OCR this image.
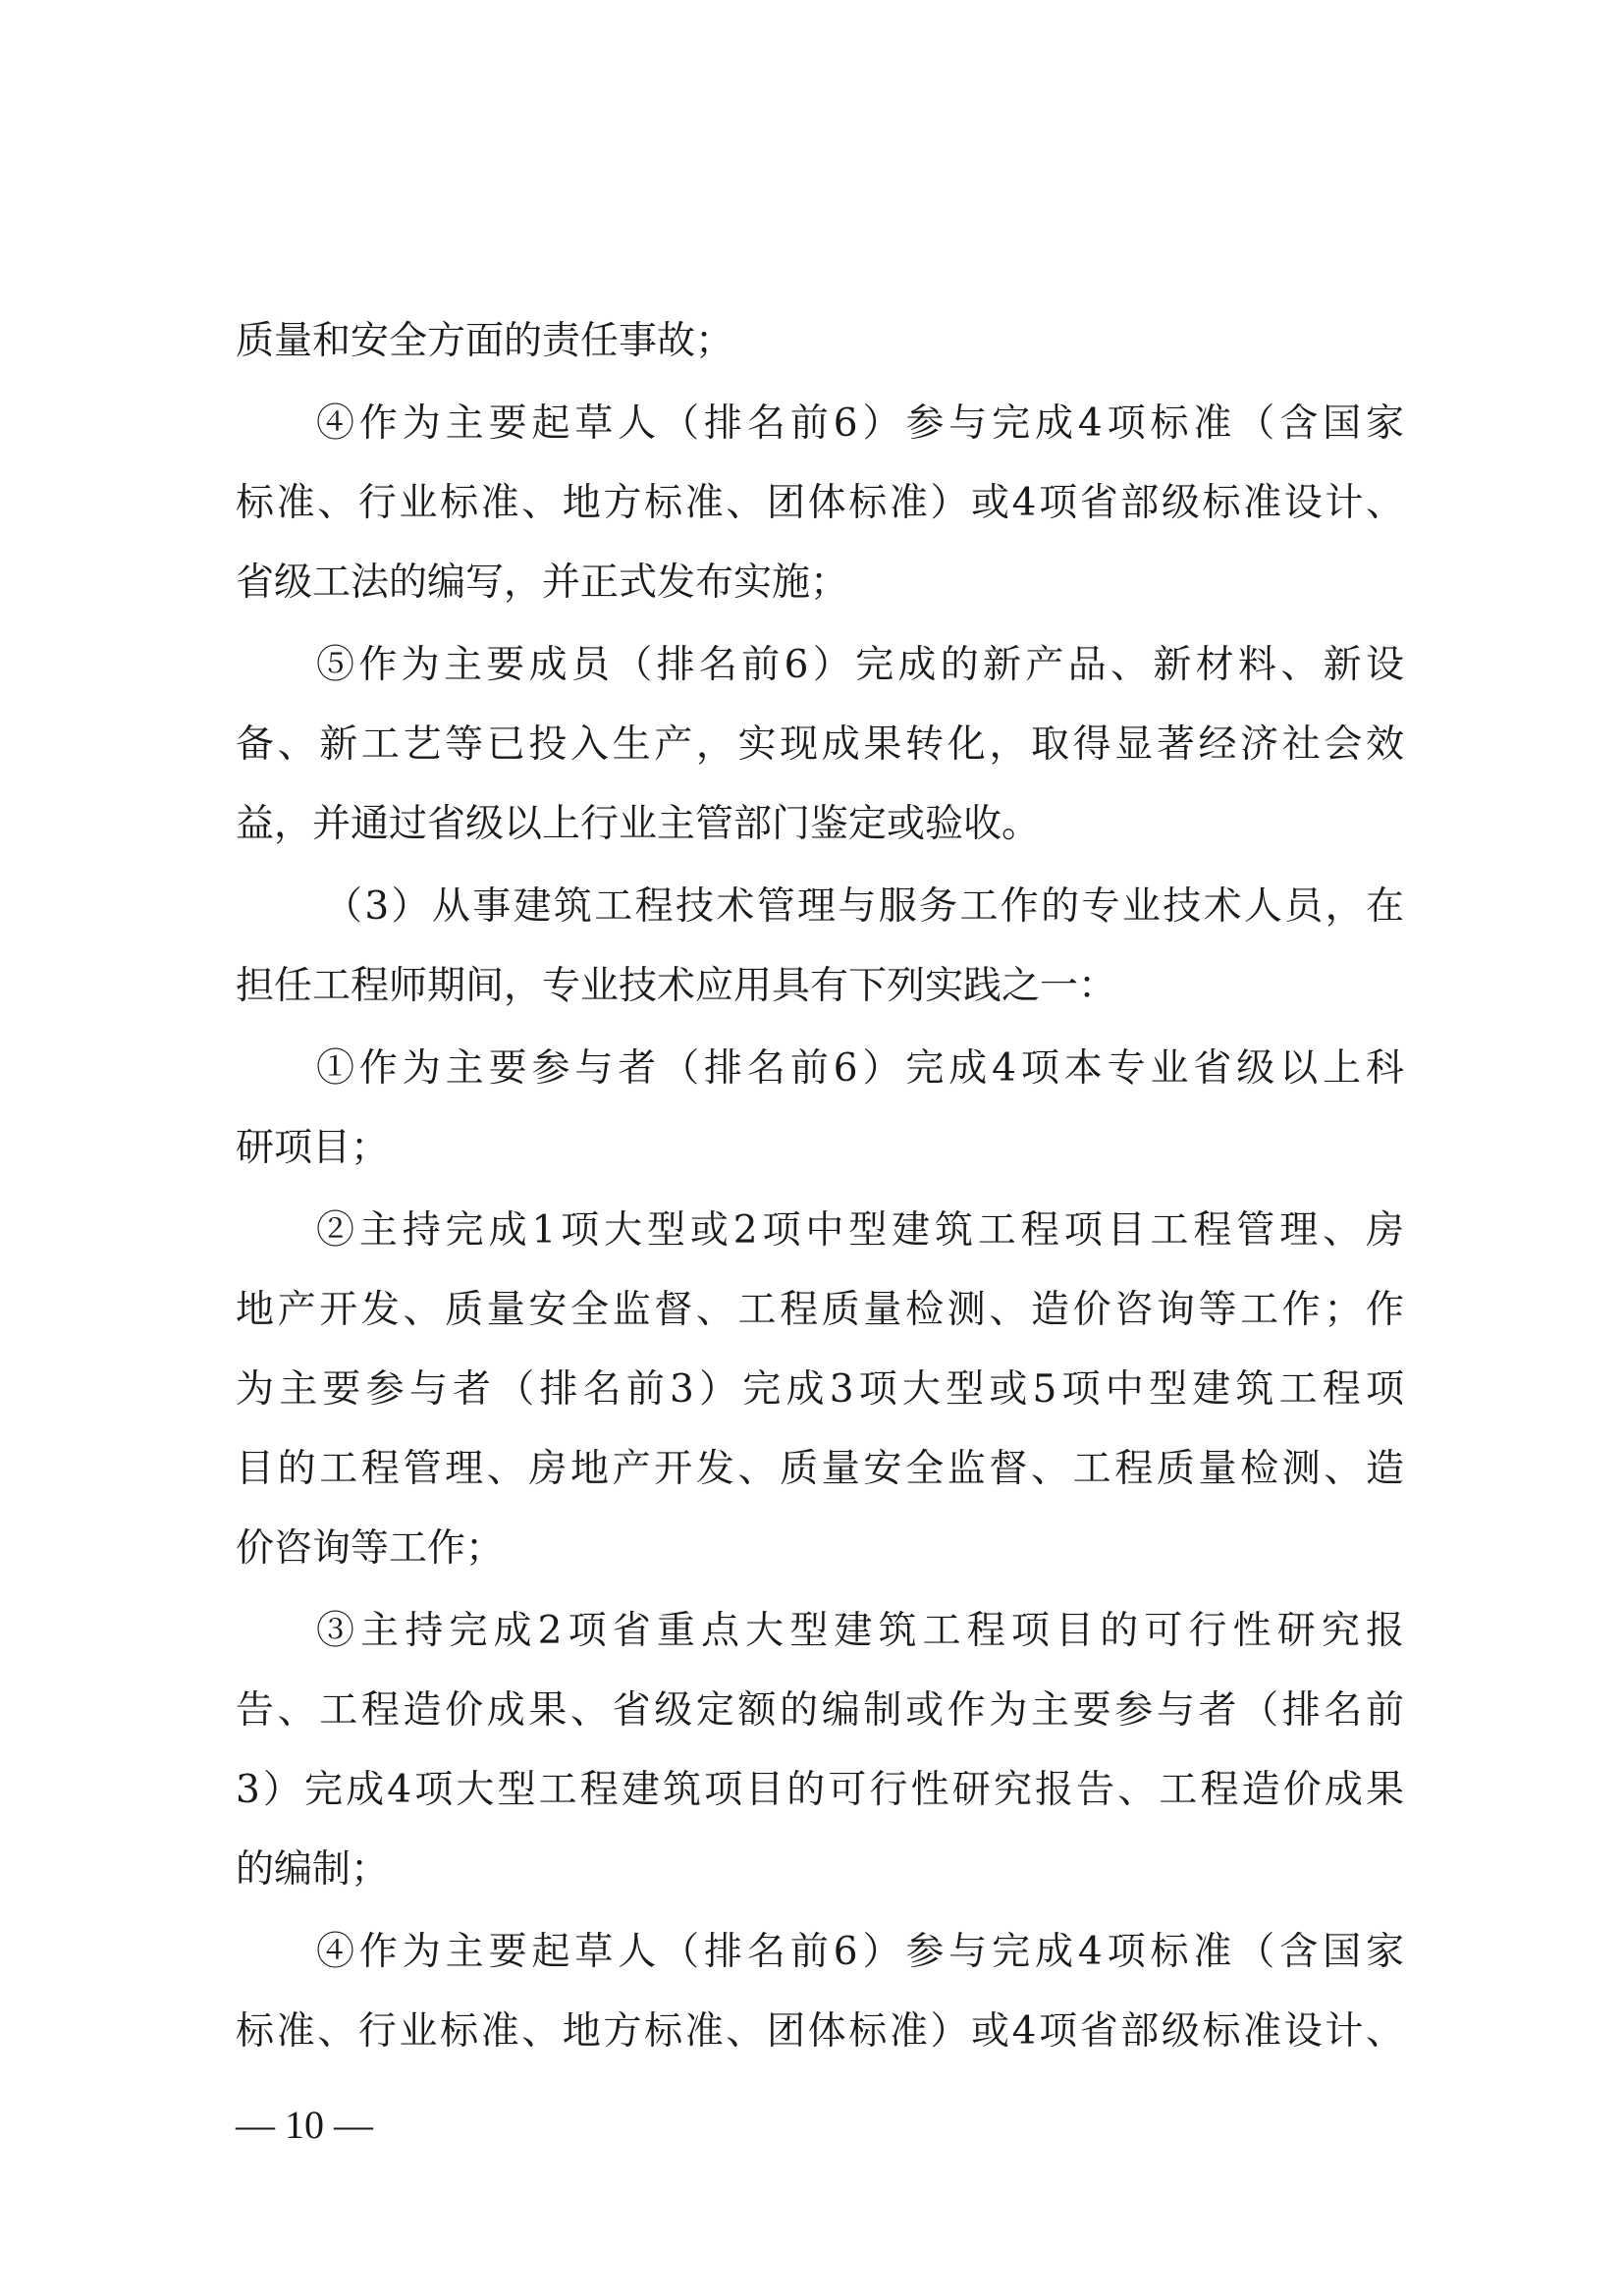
质量和安全方面的责任事故；
④作为主要起草人（排名前6）参与完成4项标准（含国家
标准、行业标准、地方标准、团体标准）或4项省部级标准设计、
省级工法的编写，并正式发布实施；
⑤作为主要成员（排名前6）完成的新产品、新材料、新设
备、新工艺等已投入生产，实现成果转化，取得显著经济社会效
益，并通过省级以上行业主管部门鉴定或验收。
（3）从事建筑工程技术管理与服务工作的专业技术人员，在
担任工程师期间，专业技术应用具有下列实践之一：
①作为主要参与者（排名前6）完成4项本专业省级以上科
研项目；
②主持完成1项大型或2项中型建筑工程项目工程管理、房
地产开发、质量安全监督、工程质量检测、造价咨询等工作；作
为主要参与者（排名前3）完成3项大型或5项中型建筑工程项
目的工程管理、房地产开发、质量安全监督、工程质量检测、造
价咨询等工作；
③主持完成2项省重点大型建筑工程项目的可行性研究报
告、工程造价成果、省级定额的编制或作为主要参与者（排名前
3）完成4项大型工程建筑项目的可行性研究报告、工程造价成果
的编制；
④作为主要起草人（排名前6）参与完成4项标准（含国家
标准、行业标准、地方标准、团体标准）或4项省部级标准设计、
— 10 —
